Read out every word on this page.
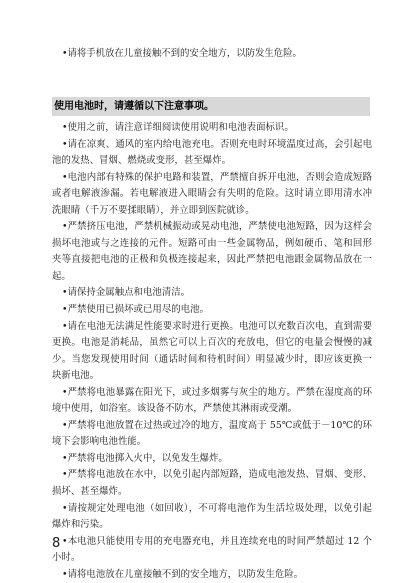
•请将手机放在儿童接触不到的安全地方，以防发生危险。

使用电池时，请遵循以下注意事项。

•使用之前，请注意详细阅读使用说明和电池表面标识。

•请在凉爽、通风的室内给电池充电。否则充电时环境温度过高，会引起电池的发热、冒烟、燃烧或变形，甚至爆炸。

•电池内部有特殊的保护电路和装置，严禁擅自拆开电池，否则会造成短路或者电解液渗漏。若电解液进入眼睛会有失明的危险。这时请立即用清水冲洗眼睛（千万不要揉眼睛），并立即到医院就诊。

•严禁挤压电池，严禁机械振动或晃动电池，严禁使电池短路，因为这样会损坏电池或与之连接的元件。短路可由一些金属物品，例如硬币、笔和回形夹等直接把电池的正极和负极连接起来，因此严禁把电池跟金属物品放在一起。

•请保持金属触点和电池清洁。

•严禁使用已损坏或已用尽的电池。

•请在电池无法满足性能要求时进行更换。电池可以充数百次电，直到需要更换。电池是消耗品，虽然它可以上百次的充放电，但它的电量会慢慢的减少。当您发现使用时间（通话时间和待机时间）明显减少时，即应该更换一块新电池。

•严禁将电池暴露在阳光下，或过多烟雾与灰尘的地方。严禁在湿度高的环境中使用，如浴室。该设备不防水，严禁使其淋雨或受潮。

•严禁将电池放置在过热或过冷的地方，温度高于 55℃或低于－10℃的环境下会影响电池性能。

•严禁将电池掷入火中，以免发生爆炸。

•严禁将电池放在水中，以免引起内部短路，造成电池发热、冒烟、变形、损坏、甚至爆炸。

•请按规定处理电池（如回收），不可将电池作为生活垃圾处理，以免引起爆炸和污染。

•本电池只能使用专用的充电器充电，并且连续充电的时间严禁超过 12 个小时。

•请将电池放在儿童接触不到的安全地方，以防发生危险。

8
